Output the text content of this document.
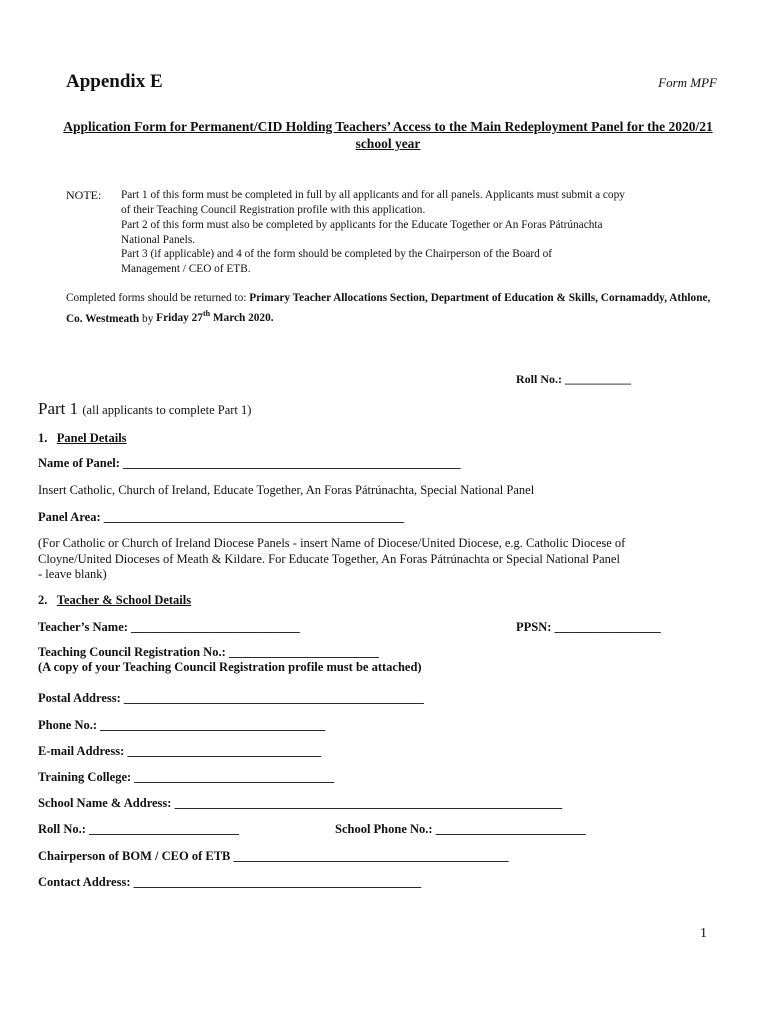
Appendix E	Form MPF
Application Form for Permanent/CID Holding Teachers’ Access to the Main Redeployment Panel for the 2020/21 school year
NOTE: Part 1 of this form must be completed in full by all applicants and for all panels. Applicants must submit a copy
of their Teaching Council Registration profile with this application.
Part 2 of this form must also be completed by applicants for the Educate Together or An Foras Pátrúnachta
National Panels.
Part 3 (if applicable) and 4 of the form should be completed by the Chairperson of the Board of
Management / CEO of ETB.
Completed forms should be returned to: Primary Teacher Allocations Section, Department of Education & Skills, Cornamaddy, Athlone, Co. Westmeath by Friday 27th March 2020.
Roll No.: ___________
Part 1 (all applicants to complete Part 1)
1. Panel Details
Name of Panel: ______________________________________________________
Insert Catholic, Church of Ireland, Educate Together, An Foras Pátrúnachta, Special National Panel
Panel Area: ________________________________________________
(For Catholic or Church of Ireland Diocese Panels - insert Name of Diocese/United Diocese, e.g. Catholic Diocese of
Cloyne/United Dioceses of Meath & Kildare. For Educate Together, An Foras Pátrúnachta or Special National Panel
- leave blank)
2. Teacher & School Details
Teacher’s Name: ___________________________	PPSN: _________________
Teaching Council Registration No.: ________________________
(A copy of your Teaching Council Registration profile must be attached)
Postal Address: ________________________________________________
Phone No.: ____________________________________
E-mail Address: _______________________________
Training College: ________________________________
School Name & Address: ______________________________________________________________
Roll No.: ________________________	School Phone No.: ________________________
Chairperson of BOM / CEO of ETB ____________________________________________
Contact Address: ______________________________________________
1
